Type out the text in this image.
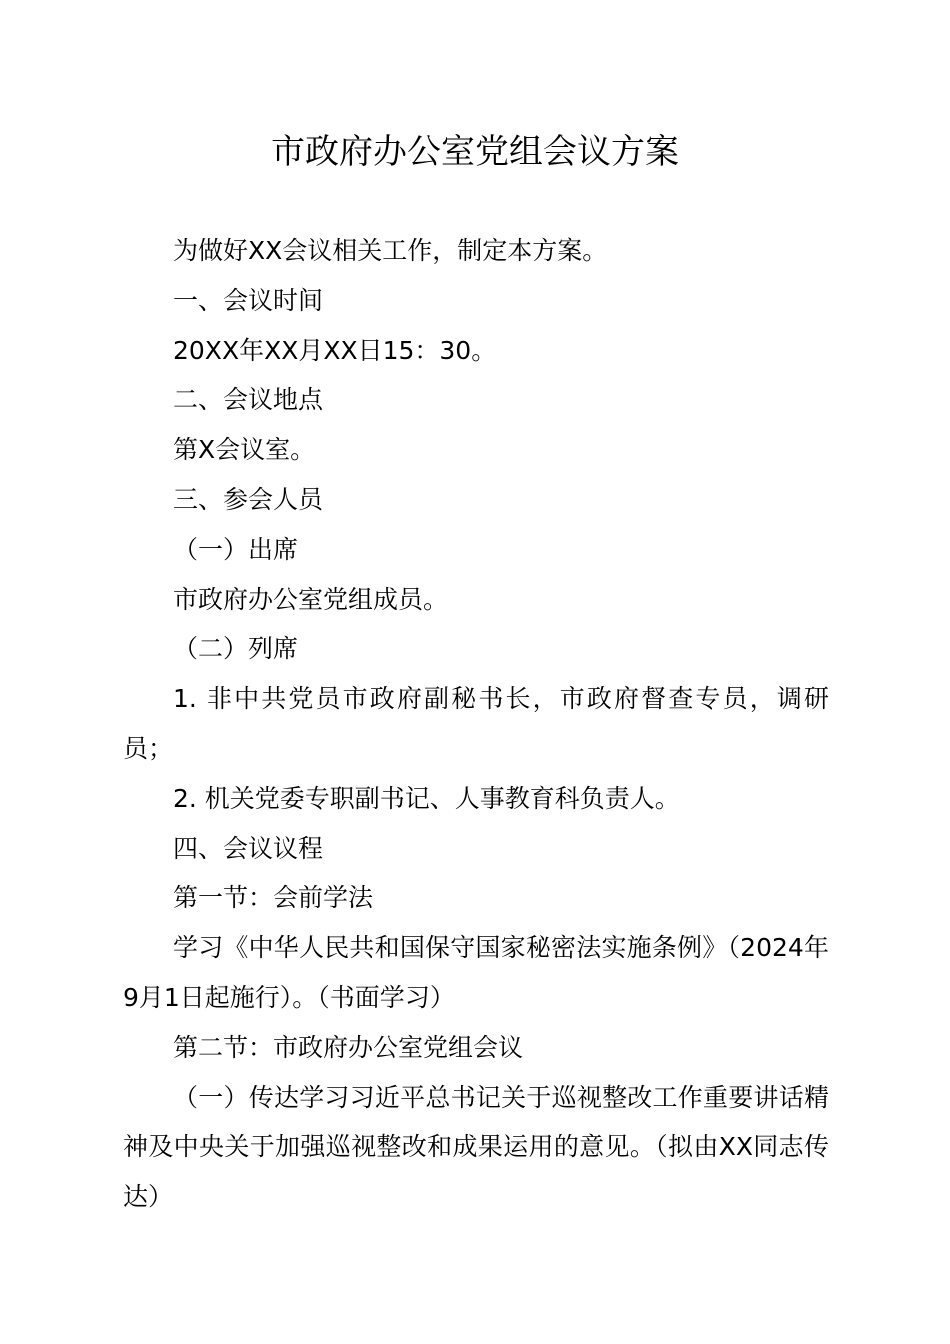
市政府办公室党组会议方案

为做好XX会议相关工作，制定本方案。

一、会议时间

20XX年XX月XX日15：30。

二、会议地点

第X会议室。

三、参会人员

（一）出席

市政府办公室党组成员。

（二）列席

1. 非中共党员市政府副秘书长，市政府督查专员，调研员；

2. 机关党委专职副书记、人事教育科负责人。

四、会议议程

第一节：会前学法

学习《中华人民共和国保守国家秘密法实施条例》（2024年9月1日起施行）。（书面学习）

第二节：市政府办公室党组会议

（一）传达学习习近平总书记关于巡视整改工作重要讲话精神及中央关于加强巡视整改和成果运用的意见。（拟由XX同志传达）
